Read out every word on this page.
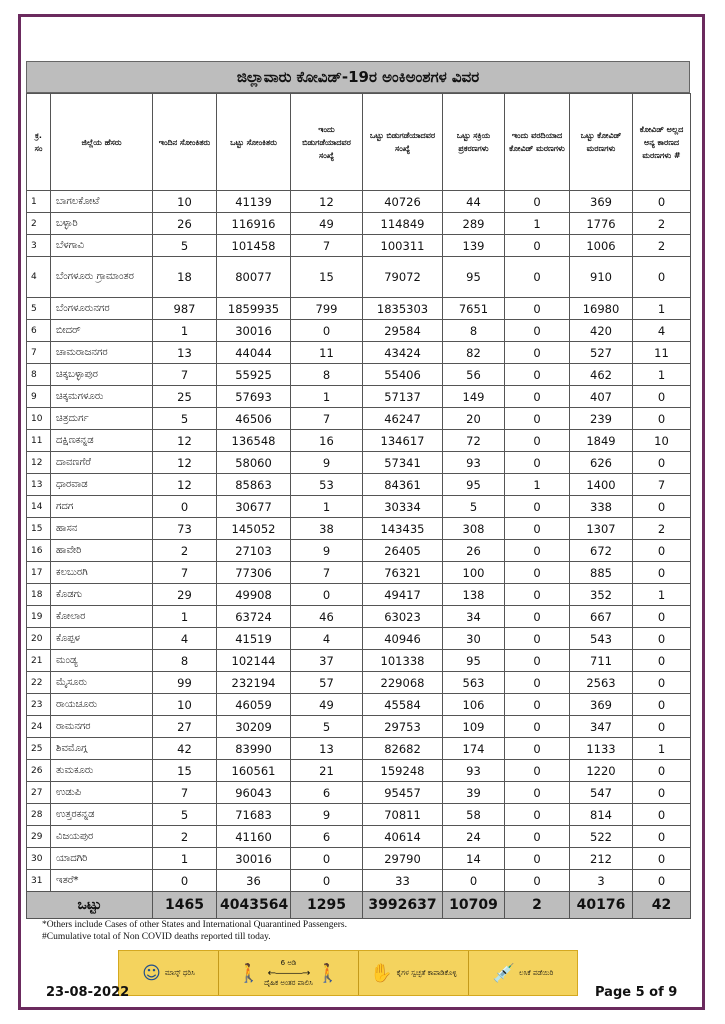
ಜಿಲ್ಲಾವಾರು ಕೋವಿಡ್-19ರ ಅಂಕಿಅಂಶಗಳ ವಿವರ
ಕ್ರ. ಸಂ	ಜಿಲ್ಲೆಯ ಹೆಸರು	ಇಂದಿನ ಸೋಂಕಿತರು	ಒಟ್ಟು ಸೋಂಕಿತರು	ಇಂದು ಬಿಡುಗಡೆಯಾದವರ ಸಂಖ್ಯೆ	ಒಟ್ಟು ಬಿಡುಗಡೆಯಾದವರ ಸಂಖ್ಯೆ	ಒಟ್ಟು ಸಕ್ರಿಯ ಪ್ರಕರಣಗಳು	ಇಂದು ವರದಿಯಾದ ಕೋವಿಡ್ ಮರಣಗಳು	ಒಟ್ಟು ಕೋವಿಡ್ ಮರಣಗಳು	ಕೋವಿಡ್ ಅಲ್ಲದ ಅನ್ಯ ಕಾರಣದ ಮರಣಗಳು #
1	ಬಾಗಲಕೋಟೆ	10	41139	12	40726	44	0	369	0
2	ಬಳ್ಳಾರಿ	26	116916	49	114849	289	1	1776	2
3	ಬೆಳಗಾವಿ	5	101458	7	100311	139	0	1006	2
4	ಬೆಂಗಳೂರು ಗ್ರಾಮಾಂತರ	18	80077	15	79072	95	0	910	0
5	ಬೆಂಗಳೂರುನಗರ	987	1859935	799	1835303	7651	0	16980	1
6	ಬೀದರ್	1	30016	0	29584	8	0	420	4
7	ಚಾಮರಾಜನಗರ	13	44044	11	43424	82	0	527	11
8	ಚಿಕ್ಕಬಳ್ಳಾಪುರ	7	55925	8	55406	56	0	462	1
9	ಚಿಕ್ಕಮಗಳೂರು	25	57693	1	57137	149	0	407	0
10	ಚಿತ್ರದುರ್ಗ	5	46506	7	46247	20	0	239	0
11	ದಕ್ಷಿಣಕನ್ನಡ	12	136548	16	134617	72	0	1849	10
12	ದಾವಣಗೆರೆ	12	58060	9	57341	93	0	626	0
13	ಧಾರವಾಡ	12	85863	53	84361	95	1	1400	7
14	ಗದಗ	0	30677	1	30334	5	0	338	0
15	ಹಾಸನ	73	145052	38	143435	308	0	1307	2
16	ಹಾವೇರಿ	2	27103	9	26405	26	0	672	0
17	ಕಲಬುರಗಿ	7	77306	7	76321	100	0	885	0
18	ಕೊಡಗು	29	49908	0	49417	138	0	352	1
19	ಕೋಲಾರ	1	63724	46	63023	34	0	667	0
20	ಕೊಪ್ಪಳ	4	41519	4	40946	30	0	543	0
21	ಮಂಡ್ಯ	8	102144	37	101338	95	0	711	0
22	ಮೈಸೂರು	99	232194	57	229068	563	0	2563	0
23	ರಾಯಚೂರು	10	46059	49	45584	106	0	369	0
24	ರಾಮನಗರ	27	30209	5	29753	109	0	347	0
25	ಶಿವಮೊಗ್ಗ	42	83990	13	82682	174	0	1133	1
26	ತುಮಕೂರು	15	160561	21	159248	93	0	1220	0
27	ಉಡುಪಿ	7	96043	6	95457	39	0	547	0
28	ಉತ್ತರಕನ್ನಡ	5	71683	9	70811	58	0	814	0
29	ವಿಜಯಪುರ	2	41160	6	40614	24	0	522	0
30	ಯಾದಗಿರಿ	1	30016	0	29790	14	0	212	0
31	ಇತರೆ*	0	36	0	33	0	0	3	0
ಒಟ್ಟು		1465	4043564	1295	3992637	10709	2	40176	42
*Others include Cases of other States and International Quarantined Passengers.
#Cumulative total of Non COVID deaths reported till today.
☺ ಮಾಸ್ಕ್ ಧರಿಸಿ 🚶	6 ಅಡಿ
←———→
ದೈಹಿಕ ಅಂತರ ಪಾಲಿಸಿ 🚶 ✋ ಕೈಗಳ ಸ್ವಚ್ಛತೆ ಕಾಪಾಡಿಕೊಳ್ಳಿ 💉 ಲಸಿಕೆ ಪಡೆಯಿರಿ
23-08-2022	Page 5 of 9
